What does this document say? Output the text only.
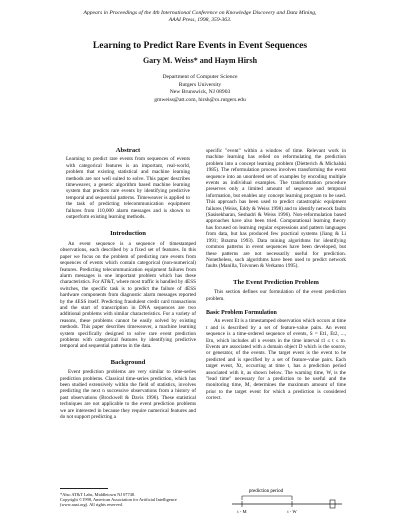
Appears in Proceedings of the 4th International Conference on Knowledge Discovery and Data Mining,
AAAI Press, 1998, 359-363.
Learning to Predict Rare Events in Event Sequences
Gary M. Weiss* and Haym Hirsh
Department of Computer Science
Rutgers University
New Brunswick, NJ 08903
gmweiss@att.com, hirsh@cs.rutgers.edu

Abstract

Learning to predict rare events from sequences of events with categorical features is an important, real-world, problem that existing statistical and machine learning methods are not well suited to solve. This paper describes timeweaver, a genetic algorithm based machine learning system that predicts rare events by identifying predictive temporal and sequential patterns. Timeweaver is applied to the task of predicting telecommunication equipment failures from 110,000 alarm messages and is shown to outperform existing learning methods.

Introduction

An event sequence is a sequence of timestamped observations, each described by a fixed set of features. In this paper we focus on the problem of predicting rare events from sequences of events which contain categorical (non-numerical) features. Predicting telecommunication equipment failures from alarm messages is one important problem which has these characteristics. For AT&T, where most traffic is handled by 4ESS switches, the specific task is to predict the failure of 4ESS hardware components from diagnostic alarm messages reported by the 4ESS itself. Predicting fraudulent credit card transactions and the start of transcription in DNA sequences are two additional problems with similar characteristics. For a variety of reasons, these problems cannot be easily solved by existing methods. This paper describes timeweaver, a machine learning system specifically designed to solve rare event prediction problems with categorical features by identifying predictive temporal and sequential patterns in the data.

Background

Event prediction problems are very similar to time-series prediction problems. Classical time-series prediction, which has been studied extensively within the field of statistics, involves predicting the next n successive observations from a history of past observations (Brockwell & Davis 1996). These statistical techniques are not applicable to the event prediction problems we are interested in because they require numerical features and do not support predicting a

*Also AT&T Labs, Middletown NJ 07748.
Copyright ©1998, American Association for Artificial Intelligence (www.aaai.org). All rights reserved.

specific "event" within a window of time. Relevant work in machine learning has relied on reformulating the prediction problem into a concept learning problem (Dietterich & Michalski 1985). The reformulation process involves transforming the event sequence into an unordered set of examples by encoding multiple events as individual examples. The transformation procedure preserves only a limited amount of sequence and temporal information, but enables any concept learning program to be used. This approach has been used to predict catastrophic equipment failures (Weiss, Eddy & Weiss 1998) and to identify network faults (Sasisekharan, Seshadri & Weiss 1996). Non-reformulation based approaches have also been tried. Computational learning theory has focused on learning regular expressions and pattern languages from data, but has produced few practical systems (Jiang & Li 1991; Brazma 1993). Data mining algorithms for identifying common patterns in event sequences have been developed, but these patterns are not necessarily useful for prediction. Nonetheless, such algorithms have been used to predict network faults (Manilla, Toivonen & Verkamo 1995).

The Event Prediction Problem

This section defines our formulation of the event prediction problem.

Basic Problem Formulation

An event Et is a timestamped observation which occurs at time t and is described by a set of feature-value pairs. An event sequence is a time-ordered sequence of events, S = Et1, Et2, ..., Etn, which includes all n events in the time interval t1 ≤ t ≤ tn. Events are associated with a domain object D which is the source, or generator, of the events. The target event is the event to be predicted and is specified by a set of feature-value pairs. Each target event, Xt, occurring at time t, has a prediction period associated with it, as shown below. The warning time, W, is the "lead time" necessary for a prediction to be useful and the monitoring time, M, determines the maximum amount of time prior to the target event for which a prediction is considered correct.

prediction period
t - M	t - W
